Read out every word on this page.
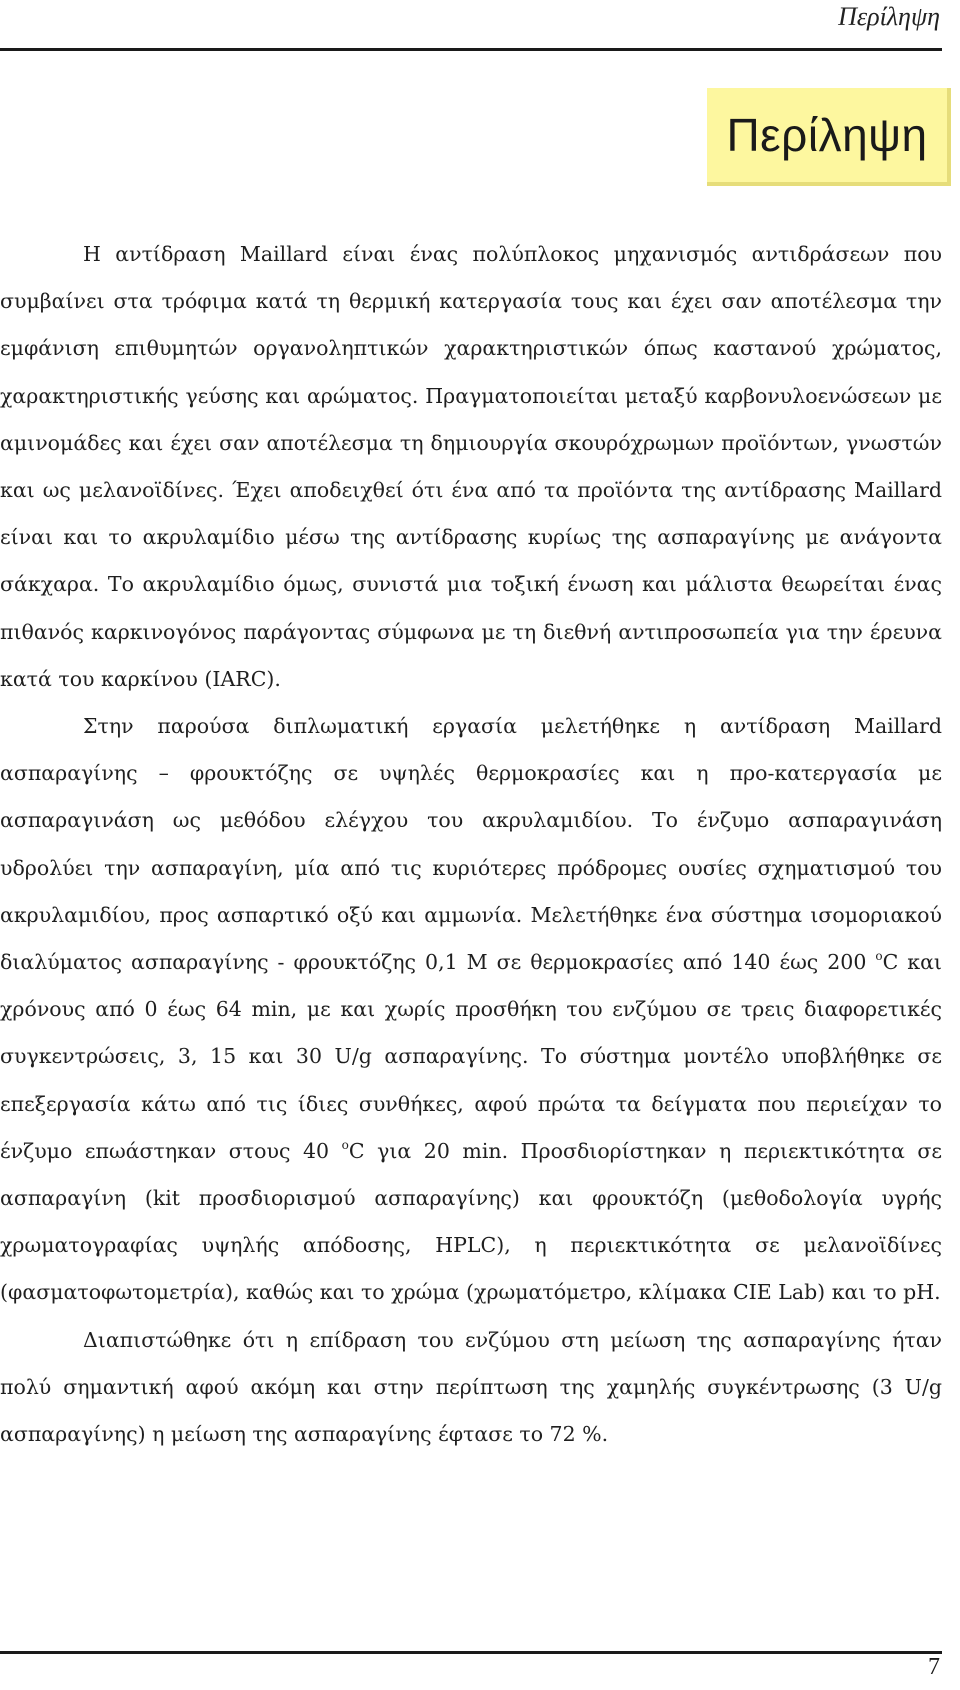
Περίληψη
Περίληψη

Η αντίδραση Maillard είναι ένας πολύπλοκος μηχανισμός αντιδράσεων που συμβαίνει στα τρόφιμα κατά τη θερμική κατεργασία τους και έχει σαν αποτέλεσμα την εμφάνιση επιθυμητών οργανοληπτικών χαρακτηριστικών όπως καστανού χρώματος, χαρακτηριστικής γεύσης και αρώματος. Πραγματοποιείται μεταξύ καρβονυλοενώσεων με αμινομάδες και έχει σαν αποτέλεσμα τη δημιουργία σκουρόχρωμων προϊόντων, γνωστών και ως μελανοϊδίνες. Έχει αποδειχθεί ότι ένα από τα προϊόντα της αντίδρασης Maillard είναι και το ακρυλαμίδιο μέσω της αντίδρασης κυρίως της ασπαραγίνης με ανάγοντα σάκχαρα. Το ακρυλαμίδιο όμως, συνιστά μια τοξική ένωση και μάλιστα θεωρείται ένας πιθανός καρκινογόνος παράγοντας σύμφωνα με τη διεθνή αντιπροσωπεία για την έρευνα κατά του καρκίνου (IARC).

Στην παρούσα διπλωματική εργασία μελετήθηκε η αντίδραση Maillard ασπαραγίνης – φρουκτόζης σε υψηλές θερμοκρασίες και η προ-κατεργασία με ασπαραγινάση ως μεθόδου ελέγχου του ακρυλαμιδίου. Το ένζυμο ασπαραγινάση υδρολύει την ασπαραγίνη, μία από τις κυριότερες πρόδρομες ουσίες σχηματισμού του ακρυλαμιδίου, προς ασπαρτικό οξύ και αμμωνία. Μελετήθηκε ένα σύστημα ισομοριακού διαλύματος ασπαραγίνης - φρουκτόζης 0,1 Μ σε θερμοκρασίες από 140 έως 200 $^o$C και χρόνους από 0 έως 64 min, με και χωρίς προσθήκη του ενζύμου σε τρεις διαφορετικές συγκεντρώσεις, 3, 15 και 30 U/g ασπαραγίνης. Το σύστημα μοντέλο υποβλήθηκε σε επεξεργασία κάτω από τις ίδιες συνθήκες, αφού πρώτα τα δείγματα που περιείχαν το ένζυμο επωάστηκαν στους 40 $^o$C για 20 min. Προσδιορίστηκαν η περιεκτικότητα σε ασπαραγίνη (kit προσδιορισμού ασπαραγίνης) και φρουκτόζη (μεθοδολογία υγρής χρωματογραφίας υψηλής απόδοσης, HPLC), η περιεκτικότητα σε μελανοϊδίνες (φασματοφωτομετρία), καθώς και το χρώμα (χρωματόμετρο, κλίμακα CIE Lab) και το pH.

Διαπιστώθηκε ότι η επίδραση του ενζύμου στη μείωση της ασπαραγίνης ήταν πολύ σημαντική αφού ακόμη και στην περίπτωση της χαμηλής συγκέντρωσης (3 U/g ασπαραγίνης) η μείωση της ασπαραγίνης έφτασε το 72 %.

7
